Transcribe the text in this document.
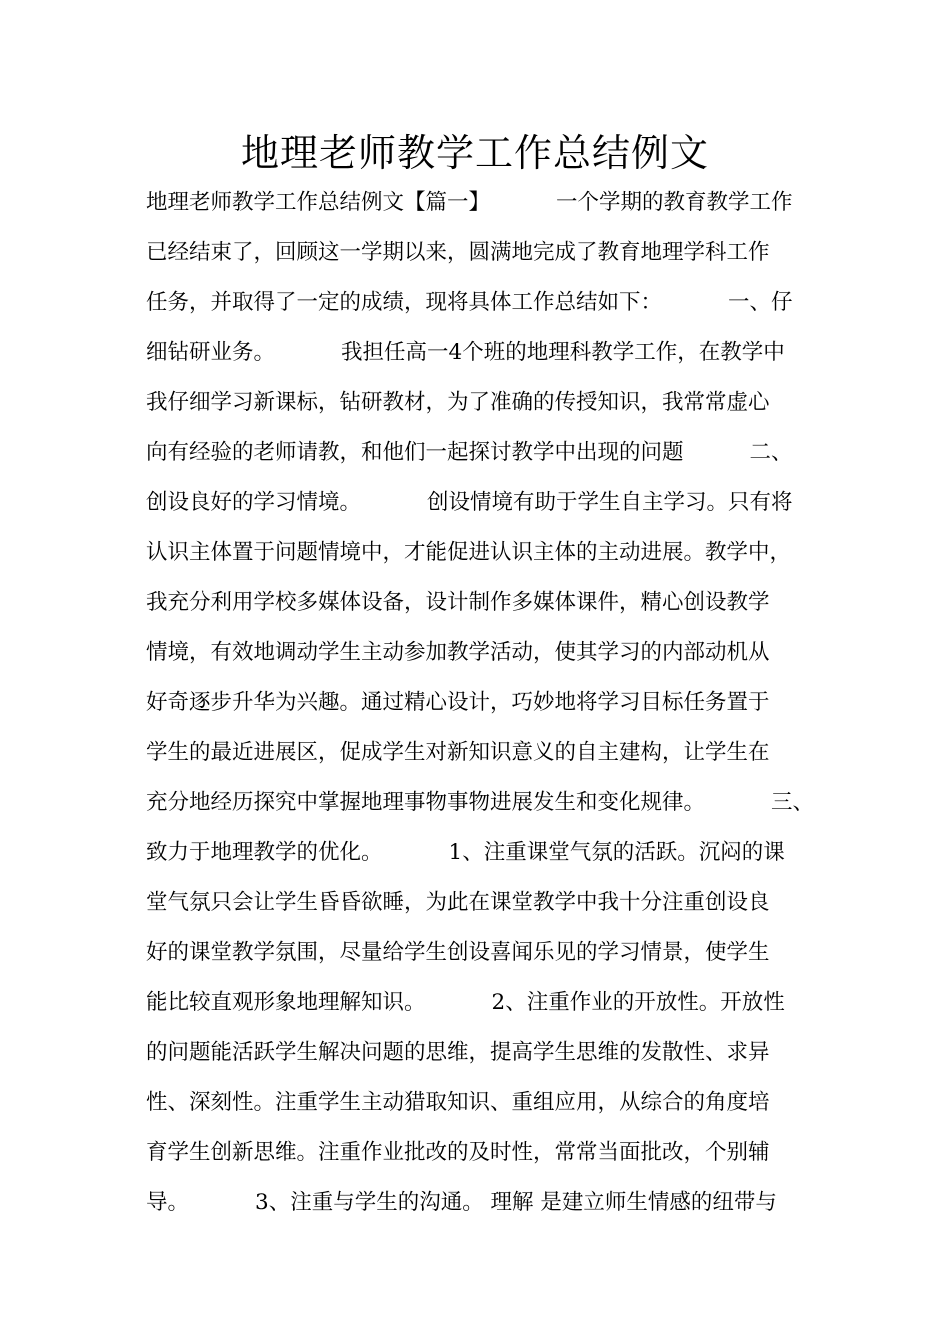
地理老师教学工作总结例文
地理老师教学工作总结例文【篇一】	一个学期的教育教学工作
已经结束了，回顾这一学期以来，圆满地完成了教育地理学科工作
任务，并取得了一定的成绩，现将具体工作总结如下：	一、仔
细钻研业务。	我担任高一4个班的地理科教学工作，在教学中
我仔细学习新课标，钻研教材，为了准确的传授知识，我常常虚心
向有经验的老师请教，和他们一起探讨教学中出现的问题	二、
创设良好的学习情境。	创设情境有助于学生自主学习。只有将
认识主体置于问题情境中，才能促进认识主体的主动进展。教学中，
我充分利用学校多媒体设备，设计制作多媒体课件，精心创设教学
情境，有效地调动学生主动参加教学活动，使其学习的内部动机从
好奇逐步升华为兴趣。通过精心设计，巧妙地将学习目标任务置于
学生的最近进展区，促成学生对新知识意义的自主建构，让学生在
充分地经历探究中掌握地理事物事物进展发生和变化规律。	三、
致力于地理教学的优化。	1、注重课堂气氛的活跃。沉闷的课
堂气氛只会让学生昏昏欲睡，为此在课堂教学中我十分注重创设良
好的课堂教学氛围，尽量给学生创设喜闻乐见的学习情景，使学生
能比较直观形象地理解知识。	2、注重作业的开放性。开放性
的问题能活跃学生解决问题的思维，提高学生思维的发散性、求异
性、深刻性。注重学生主动猎取知识、重组应用，从综合的角度培
育学生创新思维。注重作业批改的及时性，常常当面批改，个别辅
导。	3、注重与学生的沟通。 理解 是建立师生情感的纽带与
